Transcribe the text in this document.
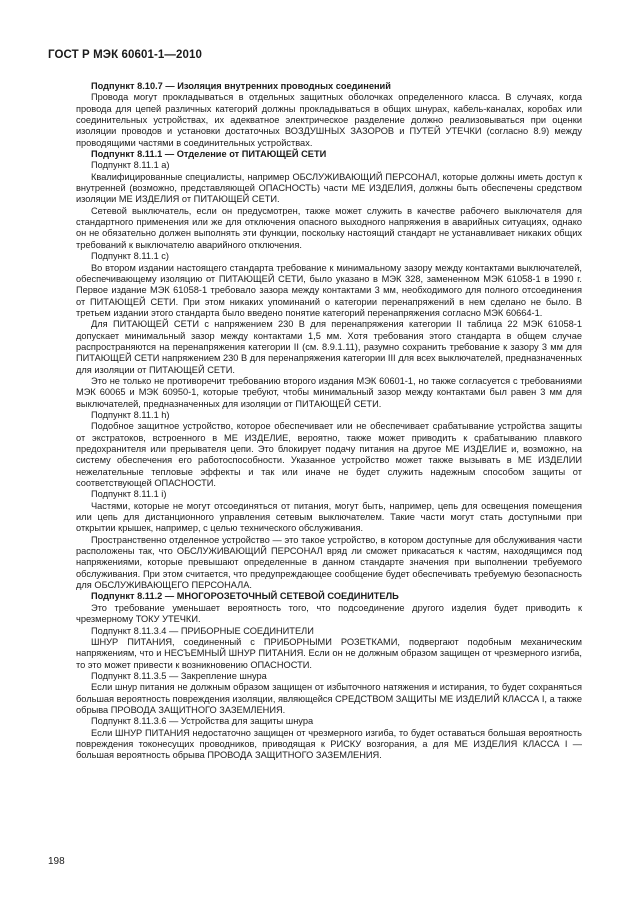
ГОСТ Р МЭК 60601-1—2010

Подпункт 8.10.7 — Изоляция внутренних проводных соединений

Провода могут прокладываться в отдельных защитных оболочках определенного класса. В случаях, когда провода для цепей различных категорий должны прокладываться в общих шнурах, кабель-каналах, коробах или соединительных устройствах, их адекватное электрическое разделение должно реализовываться при оценки изоляции проводов и установки достаточных ВОЗДУШНЫХ ЗАЗОРОВ и ПУТЕЙ УТЕЧКИ (согласно 8.9) между проводящими частями в соединительных устройствах.

Подпункт 8.11.1 — Отделение от ПИТАЮЩЕЙ СЕТИ

Подпункт 8.11.1 а)

Квалифицированные специалисты, например ОБСЛУЖИВАЮЩИЙ ПЕРСОНАЛ, которые должны иметь доступ к внутренней (возможно, представляющей ОПАСНОСТЬ) части МЕ ИЗДЕЛИЯ, должны быть обеспечены средством изоляции МЕ ИЗДЕЛИЯ от ПИТАЮЩЕЙ СЕТИ.

Сетевой выключатель, если он предусмотрен, также может служить в качестве рабочего выключателя для стандартного применения или же для отключения опасного выходного напряжения в аварийных ситуациях, однако он не обязательно должен выполнять эти функции, поскольку настоящий стандарт не устанавливает никаких общих требований к выключателю аварийного отключения.

Подпункт 8.11.1 с)

Во втором издании настоящего стандарта требование к минимальному зазору между контактами выключателей, обеспечивающему изоляцию от ПИТАЮЩЕЙ СЕТИ, было указано в МЭК 328, замененном МЭК 61058-1 в 1990 г. Первое издание МЭК 61058-1 требовало зазора между контактами 3 мм, необходимого для полного отсоединения от ПИТАЮЩЕЙ СЕТИ. При этом никаких упоминаний о категории перенапряжений в нем сделано не было. В третьем издании этого стандарта было введено понятие категорий перенапряжения согласно МЭК 60664-1.

Для ПИТАЮЩЕЙ СЕТИ с напряжением 230 В для перенапряжения категории II таблица 22 МЭК 61058-1 допускает минимальный зазор между контактами 1,5 мм. Хотя требования этого стандарта в общем случае распространяются на перенапряжения категории II (см. 8.9.1.11), разумно сохранить требование к зазору 3 мм для ПИТАЮЩЕЙ СЕТИ напряжением 230 В для перенапряжения категории III для всех выключателей, предназначенных для изоляции от ПИТАЮЩЕЙ СЕТИ.

Это не только не противоречит требованию второго издания МЭК 60601-1, но также согласуется с требованиями МЭК 60065 и МЭК 60950-1, которые требуют, чтобы минимальный зазор между контактами был равен 3 мм для выключателей, предназначенных для изоляции от ПИТАЮЩЕЙ СЕТИ.

Подпункт 8.11.1 h)

Подобное защитное устройство, которое обеспечивает или не обеспечивает срабатывание устройства защиты от экстратоков, встроенного в МЕ ИЗДЕЛИЕ, вероятно, также может приводить к срабатыванию плавкого предохранителя или прерывателя цепи. Это блокирует подачу питания на другое МЕ ИЗДЕЛИЕ и, возможно, на систему обеспечения его работоспособности. Указанное устройство может также вызывать в МЕ ИЗДЕЛИИ нежелательные тепловые эффекты и так или иначе не будет служить надежным способом защиты от соответствующей ОПАСНОСТИ.

Подпункт 8.11.1 i)

Частями, которые не могут отсоединяться от питания, могут быть, например, цепь для освещения помещения или цепь для дистанционного управления сетевым выключателем. Такие части могут стать доступными при открытии крышек, например, с целью технического обслуживания.

Пространственно отделенное устройство — это такое устройство, в котором доступные для обслуживания части расположены так, что ОБСЛУЖИВАЮЩИЙ ПЕРСОНАЛ вряд ли сможет прикасаться к частям, находящимся под напряжениями, которые превышают определенные в данном стандарте значения при выполнении требуемого обслуживания. При этом считается, что предупреждающее сообщение будет обеспечивать требуемую безопасность для ОБСЛУЖИВАЮЩЕГО ПЕРСОНАЛА.

Подпункт 8.11.2 — МНОГОРОЗЕТОЧНЫЙ СЕТЕВОЙ СОЕДИНИТЕЛЬ

Это требование уменьшает вероятность того, что подсоединение другого изделия будет приводить к чрезмерному ТОКУ УТЕЧКИ.

Подпункт 8.11.3.4 — ПРИБОРНЫЕ СОЕДИНИТЕЛИ

ШНУР ПИТАНИЯ, соединенный с ПРИБОРНЫМИ РОЗЕТКАМИ, подвергают подобным механическим напряжениям, что и НЕСЪЕМНЫЙ ШНУР ПИТАНИЯ. Если он не должным образом защищен от чрезмерного изгиба, то это может привести к возникновению ОПАСНОСТИ.

Подпункт 8.11.3.5 — Закрепление шнура

Если шнур питания не должным образом защищен от избыточного натяжения и истирания, то будет сохраняться большая вероятность повреждения изоляции, являющейся СРЕДСТВОМ ЗАЩИТЫ МЕ ИЗДЕЛИЙ КЛАССА I, а также обрыва ПРОВОДА ЗАЩИТНОГО ЗАЗЕМЛЕНИЯ.

Подпункт 8.11.3.6 — Устройства для защиты шнура

Если ШНУР ПИТАНИЯ недостаточно защищен от чрезмерного изгиба, то будет оставаться большая вероятность повреждения токонесущих проводников, приводящая к РИСКУ возгорания, а для МЕ ИЗДЕЛИЯ КЛАССА I — большая вероятность обрыва ПРОВОДА ЗАЩИТНОГО ЗАЗЕМЛЕНИЯ.

198
